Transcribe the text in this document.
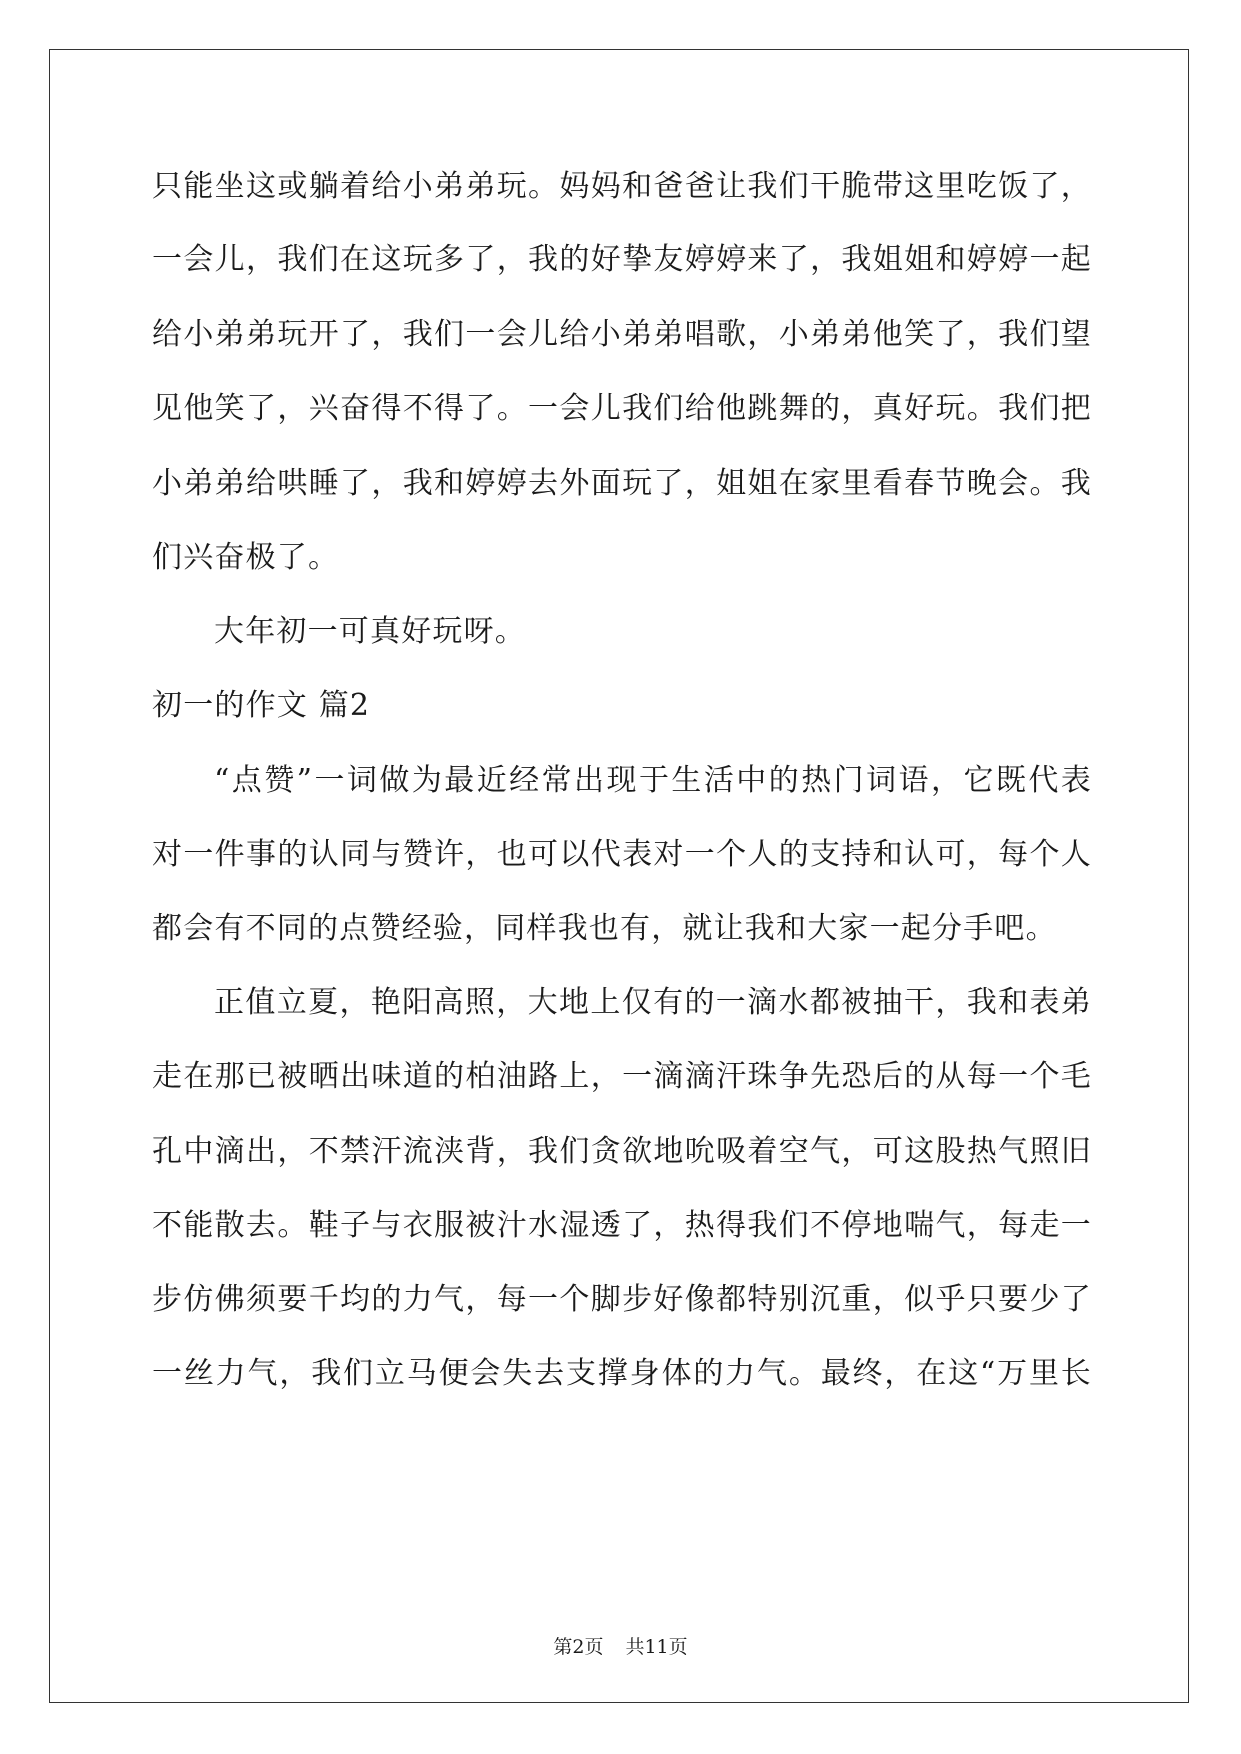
只能坐这或躺着给小弟弟玩。妈妈和爸爸让我们干脆带这里吃饭了，
一会儿，我们在这玩多了，我的好挚友婷婷来了，我姐姐和婷婷一起
给小弟弟玩开了，我们一会儿给小弟弟唱歌，小弟弟他笑了，我们望
见他笑了，兴奋得不得了。一会儿我们给他跳舞的，真好玩。我们把
小弟弟给哄睡了，我和婷婷去外面玩了，姐姐在家里看春节晚会。我
们兴奋极了。
大年初一可真好玩呀。
初一的作文 篇2
“点赞”一词做为最近经常出现于生活中的热门词语，它既代表
对一件事的认同与赞许，也可以代表对一个人的支持和认可，每个人
都会有不同的点赞经验，同样我也有，就让我和大家一起分手吧。
正值立夏，艳阳高照，大地上仅有的一滴水都被抽干，我和表弟
走在那已被晒出味道的柏油路上，一滴滴汗珠争先恐后的从每一个毛
孔中滴出，不禁汗流浃背，我们贪欲地吮吸着空气，可这股热气照旧
不能散去。鞋子与衣服被汁水湿透了，热得我们不停地喘气，每走一
步仿佛须要千均的力气，每一个脚步好像都特别沉重，似乎只要少了
一丝力气，我们立马便会失去支撑身体的力气。最终，在这“万里长
第2页 共11页
